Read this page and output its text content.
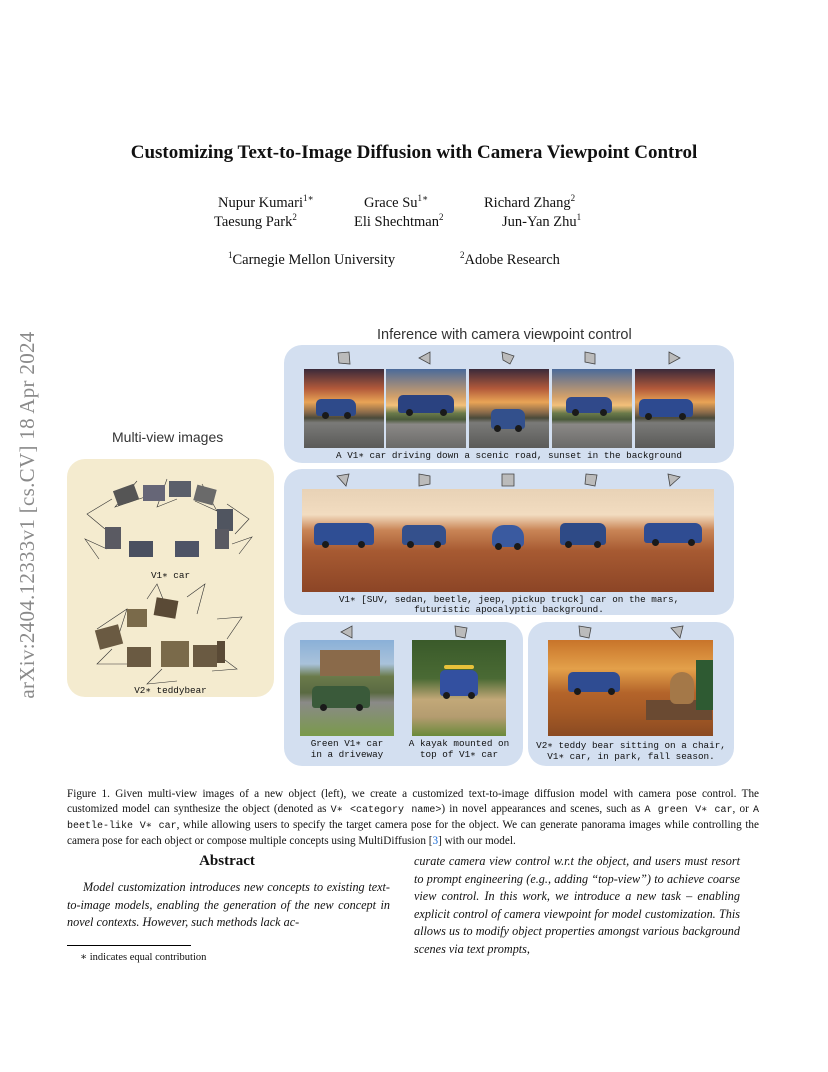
arXiv:2404.12333v1 [cs.CV] 18 Apr 2024
Customizing Text-to-Image Diffusion with Camera Viewpoint Control
Nupur Kumari$^{1∗}$	Grace $Su^{1∗}$	Richard Zhang$^2$
Taesung Park$^2$	Eli Shechtman$^2$	Jun-Yan Zhu$^1$
$^1$Carnegie Mellon University	$^2$Adobe Research
Inference with camera viewpoint control
Multi-view images
V1∗ car
V2∗ teddybear
A V1∗ car driving down a scenic road, sunset in the background
V1∗ [SUV, sedan, beetle, jeep, pickup truck] car on the mars,
futuristic apocalyptic background.
Green V1∗ car
in a driveway
A kayak mounted on
top of V1∗ car
V2∗ teddy bear sitting on a chair,
V1∗ car, in park, fall season.
Figure 1. Given multi-view images of a new object (left), we create a customized text-to-image diffusion model with camera pose control. The customized model can synthesize the object (denoted as V∗ <category name>) in novel appearances and scenes, such as A green V∗ car, or A beetle-like V∗ car, while allowing users to specify the target camera pose for the object. We can generate panorama images while controlling the camera pose for each object or compose multiple concepts using MultiDiffusion [3] with our model.
Abstract
Model customization introduces new concepts to existing text-to-image models, enabling the generation of the new concept in novel contexts. However, such methods lack ac-
curate camera view control w.r.t the object, and users must resort to prompt engineering (e.g., adding “top-view”) to achieve coarse view control. In this work, we introduce a new task – enabling explicit control of camera viewpoint for model customization. This allows us to modify object properties amongst various background scenes via text prompts,
∗ indicates equal contribution
